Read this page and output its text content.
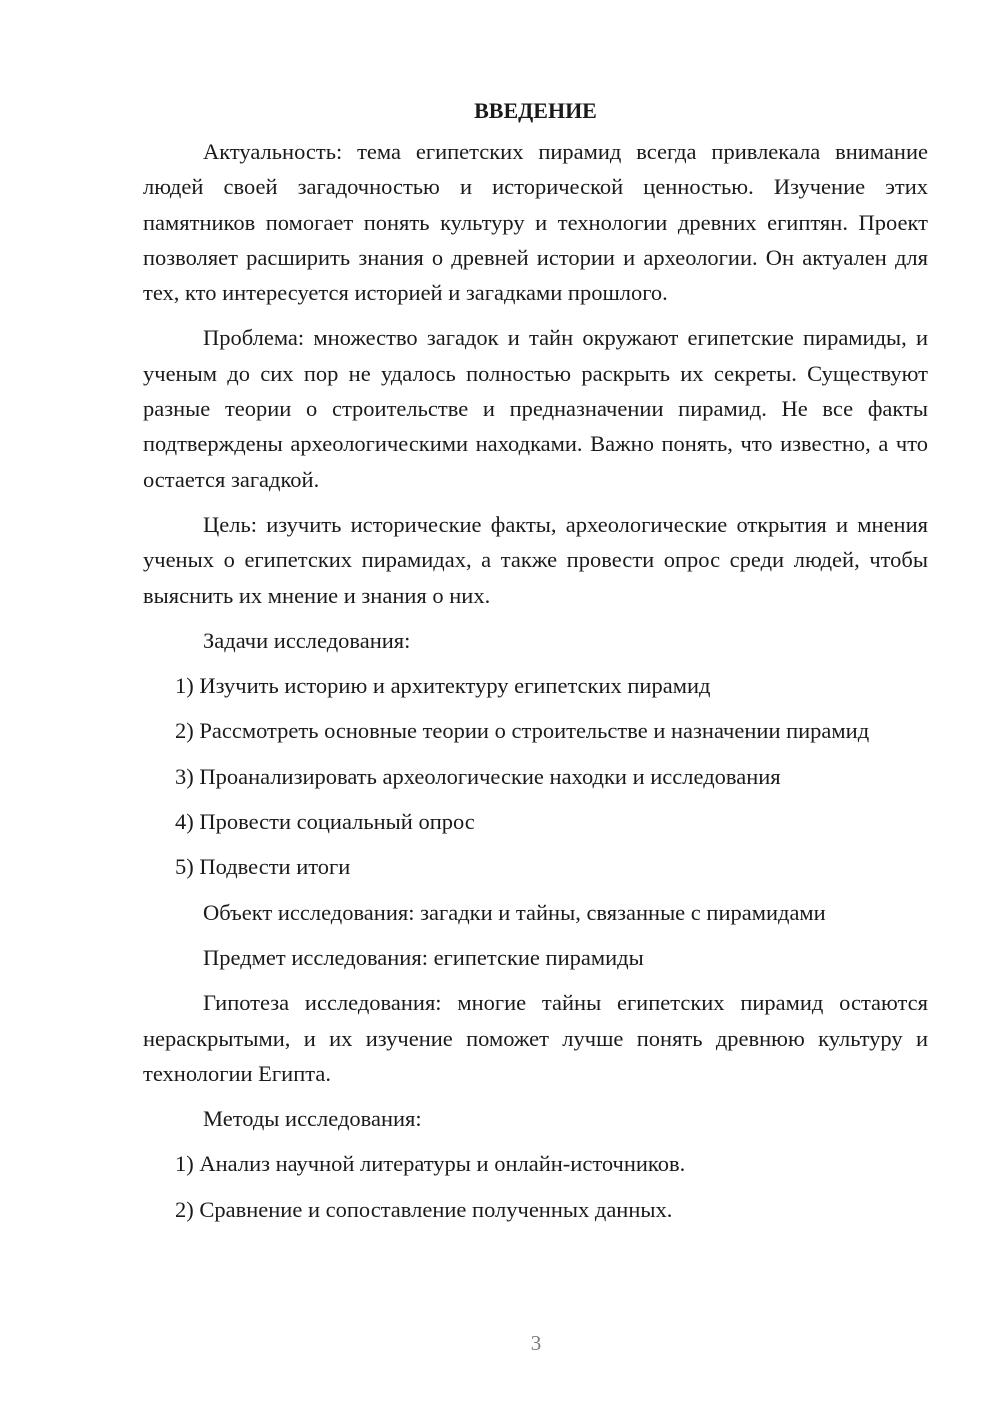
ВВЕДЕНИЕ

Актуальность: тема египетских пирамид всегда привлекала внимание людей своей загадочностью и исторической ценностью. Изучение этих памятников помогает понять культуру и технологии древних египтян. Проект позволяет расширить знания о древней истории и археологии. Он актуален для тех, кто интересуется историей и загадками прошлого.

Проблема: множество загадок и тайн окружают египетские пирамиды, и ученым до сих пор не удалось полностью раскрыть их секреты. Существуют разные теории о строительстве и предназначении пирамид. Не все факты подтверждены археологическими находками. Важно понять, что известно, а что остается загадкой.

Цель: изучить исторические факты, археологические открытия и мнения ученых о египетских пирамидах, а также провести опрос среди людей, чтобы выяснить их мнение и знания о них.

Задачи исследования:

1) Изучить историю и архитектуру египетских пирамид

2) Рассмотреть основные теории о строительстве и назначении пирамид

3) Проанализировать археологические находки и исследования

4) Провести социальный опрос

5) Подвести итоги

Объект исследования: загадки и тайны, связанные с пирамидами

Предмет исследования: египетские пирамиды

Гипотеза исследования: многие тайны египетских пирамид остаются нераскрытыми, и их изучение поможет лучше понять древнюю культуру и технологии Египта.

Методы исследования:

1) Анализ научной литературы и онлайн-источников.

2) Сравнение и сопоставление полученных данных.

3
